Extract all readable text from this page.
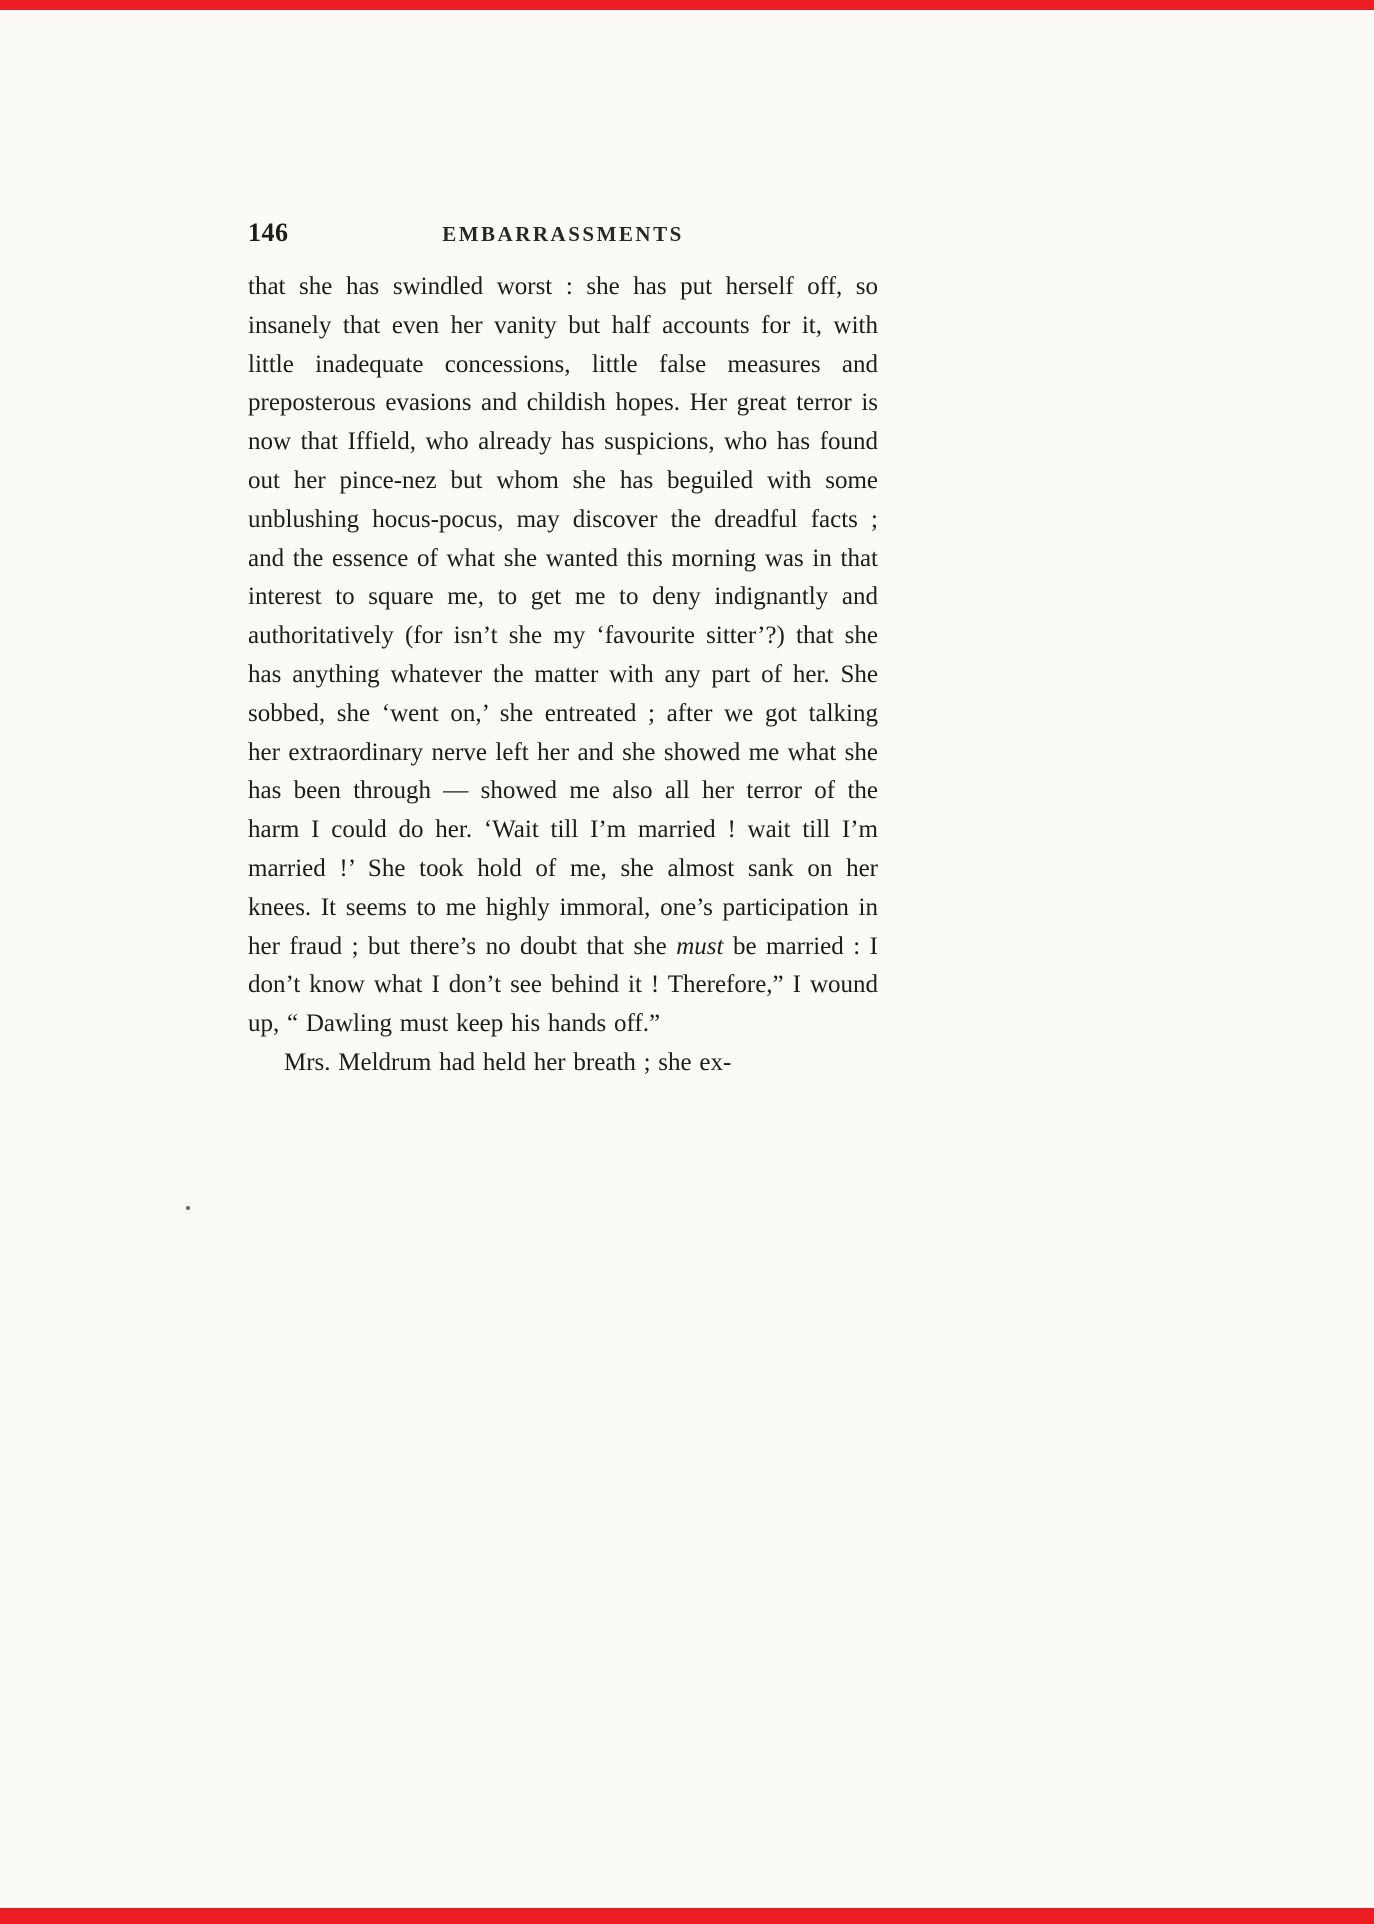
146	EMBARRASSMENTS

that she has swindled worst : she has put herself off, so insanely that even her vanity but half accounts for it, with little inadequate concessions, little false measures and preposterous evasions and childish hopes. Her great terror is now that Iffield, who already has suspicions, who has found out her pince-nez but whom she has beguiled with some unblushing hocus-pocus, may discover the dreadful facts ; and the essence of what she wanted this morning was in that interest to square me, to get me to deny indignantly and authoritatively (for isn’t she my ‘favourite sitter’?) that she has anything whatever the matter with any part of her. She sobbed, she ‘went on,’ she entreated ; after we got talking her extraordinary nerve left her and she showed me what she has been through — showed me also all her terror of the harm I could do her. ‘Wait till I’m married ! wait till I’m married !’ She took hold of me, she almost sank on her knees. It seems to me highly immoral, one’s participation in her fraud ; but there’s no doubt that she must be married : I don’t know what I don’t see behind it ! Therefore,” I wound up, “ Dawling must keep his hands off.”

Mrs. Meldrum had held her breath ; she ex-
